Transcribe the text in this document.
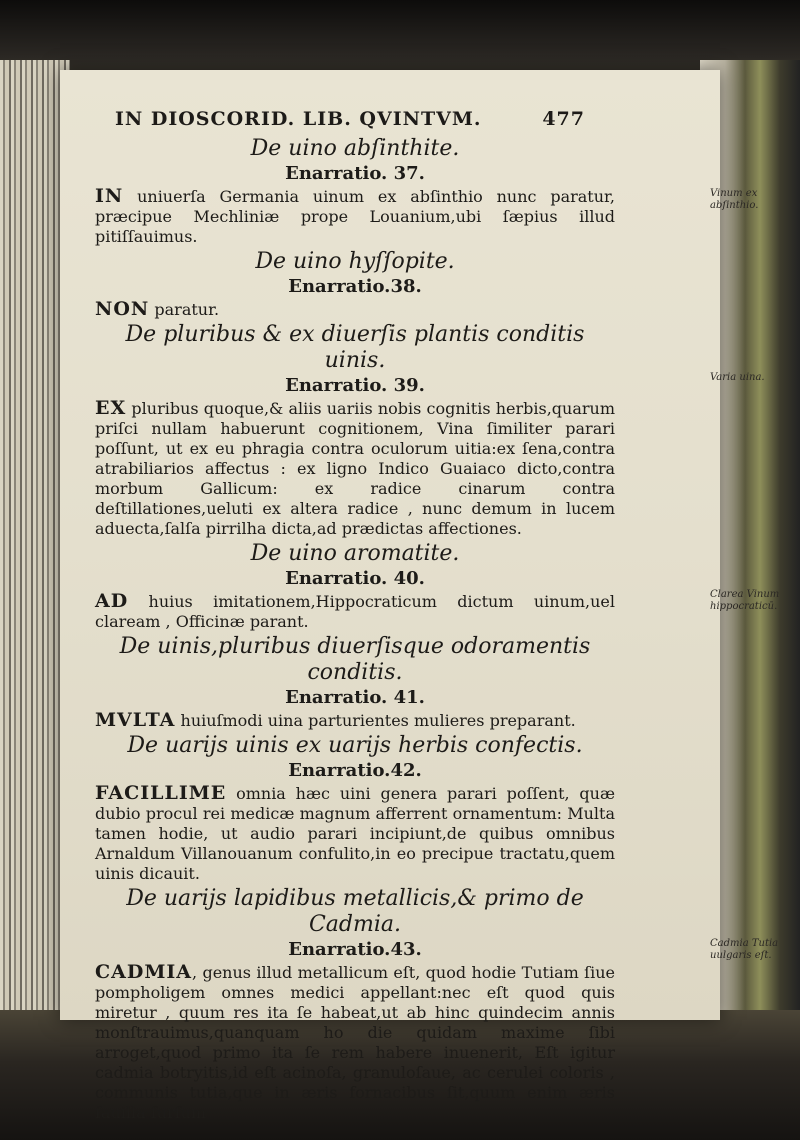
IN DIOSCORID. LIB. QVINTVM.	477
De uino abſinthite.
Enarratio. 37.

IN uniuerſa Germania uinum ex abſinthio nunc paratur, præcipue Mechliniæ prope Louanium,ubi ſæpius illud pitiſſauimus.

Vinum ex abſinthio.
De uino hyſſopite.
Enarratio.38.

NON paratur.

De pluribus & ex diuerſis plantis conditis uinis.
Enarratio. 39.

EX pluribus quoque,& aliis uariis nobis cognitis herbis,quarum priſci nullam habuerunt cognitionem, Vina ſimiliter parari poſſunt, ut ex eu phragia contra oculorum uitia:ex ſena,contra atrabiliarios affectus : ex ligno Indico Guaiaco dicto,contra morbum Gallicum: ex radice cinarum contra deſtillationes,ueluti ex altera radice , nunc demum in lucem aduecta,ſalſa pirrilha dicta,ad prædictas affectiones.

Varia uina.
De uino aromatite.
Enarratio. 40.

AD huius imitationem,Hippocraticum dictum uinum,uel claream , Officinæ parant.

Clarea Vinum hippocraticū.
De uinis,pluribus diuerſisque odoramentis conditis.
Enarratio. 41.

MVLTA huiuſmodi uina parturientes mulieres preparant.

De uarijs uinis ex uarijs herbis confectis.
Enarratio.42.

FACILLIME omnia hæc uini genera parari poſſent, quæ dubio procul rei medicæ magnum afferrent ornamentum: Multa tamen hodie, ut audio parari incipiunt,de quibus omnibus Arnaldum Villanouanum confulito,in eo precipue tractatu,quem uinis dicauit.

De uarijs lapidibus metallicis,& primo de Cadmia.
Enarratio.43.

CADMIA, genus illud metallicum eſt, quod hodie Tutiam ſiue pompholigem omnes medici appellant:nec eſt quod quis miretur , quum res ita ſe habeat,ut ab hinc quindecim annis monſtrauimus,quanquam ho die quidam maxime ſibi arroget,quod primo ita ſe rem habere inuenerit, Eſt igitur cadmia botryitis,id eſt acinoſa, granuloſaue, ac cerulei coloris , communis tutia,que in æris fornacibus ſit,quum enim æris fauilla ſurſum

Cadmia Tutia uulgaris eſt.
